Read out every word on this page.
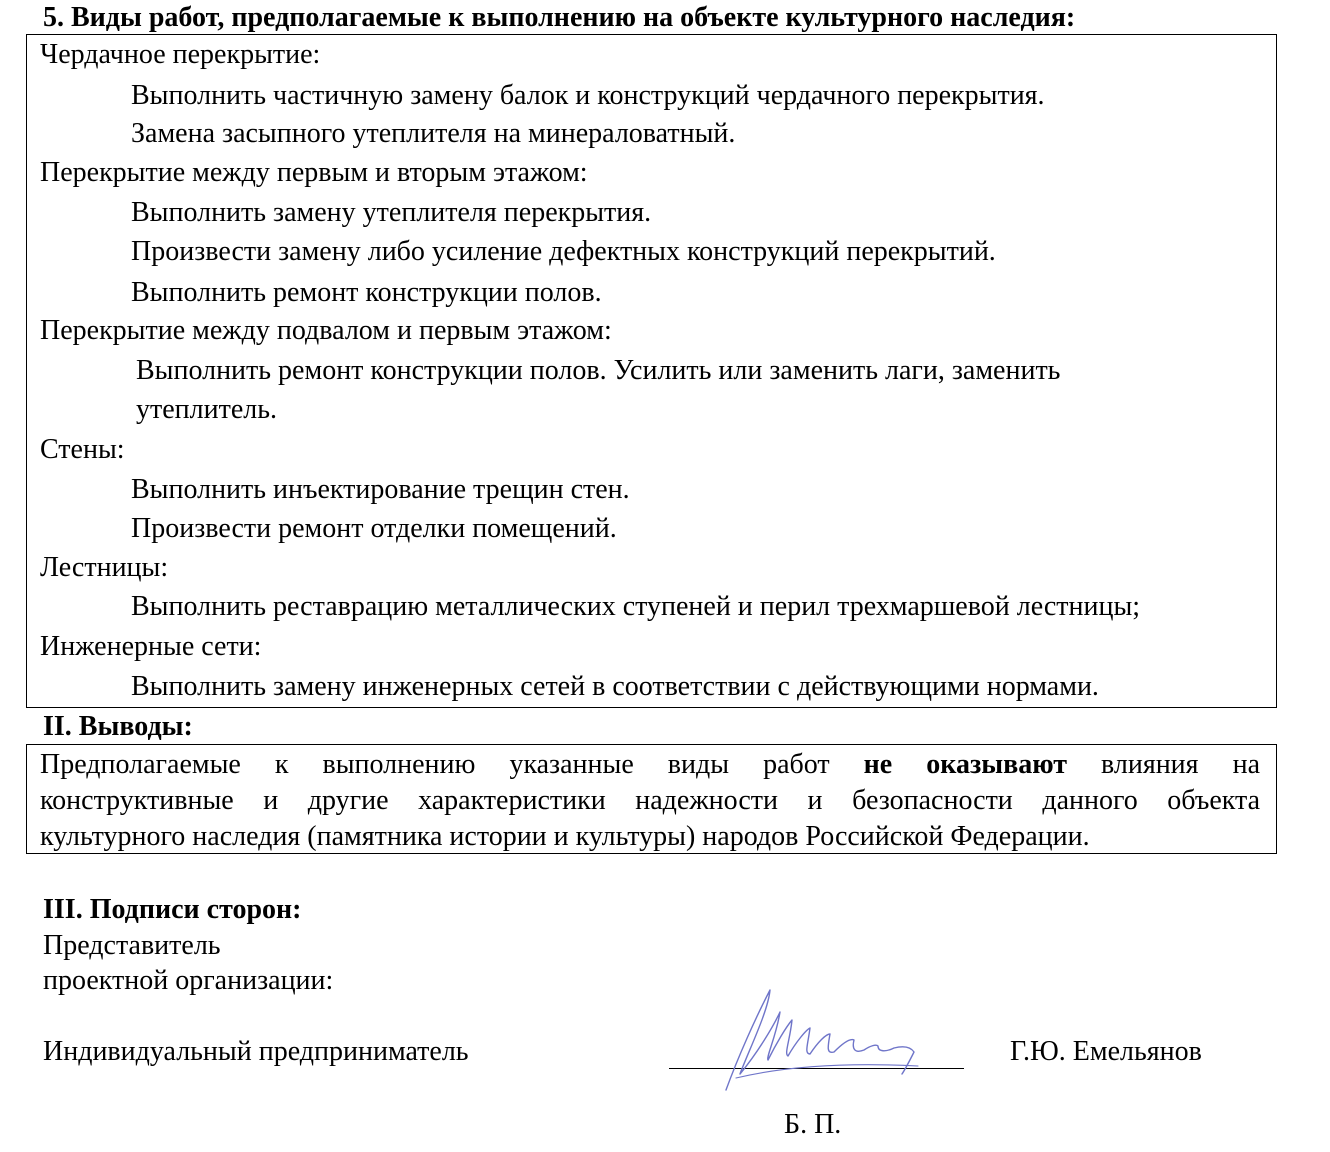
5. Виды работ, предполагаемые к выполнению на объекте культурного наследия:
Чердачное перекрытие:
Выполнить частичную замену балок и конструкций чердачного перекрытия.
Замена засыпного утеплителя на минераловатный.
Перекрытие между первым и вторым этажом:
Выполнить замену утеплителя перекрытия.
Произвести замену либо усиление дефектных конструкций перекрытий.
Выполнить ремонт конструкции полов.
Перекрытие между подвалом и первым этажом:
Выполнить ремонт конструкции полов. Усилить или заменить лаги, заменить
утеплитель.
Стены:
Выполнить инъектирование трещин стен.
Произвести ремонт отделки помещений.
Лестницы:
Выполнить реставрацию металлических ступеней и перил трехмаршевой лестницы;
Инженерные сети:
Выполнить замену инженерных сетей в соответствии с действующими нормами.
II. Выводы:
Предполагаемые к выполнению указанные виды работ не оказывают влияния на
конструктивные и другие характеристики надежности и безопасности данного объекта
культурного наследия (памятника истории и культуры) народов Российской Федерации.
III. Подписи сторон:
Представитель
проектной организации:
Индивидуальный предприниматель	Г.Ю. Емельянов
Б. П.
